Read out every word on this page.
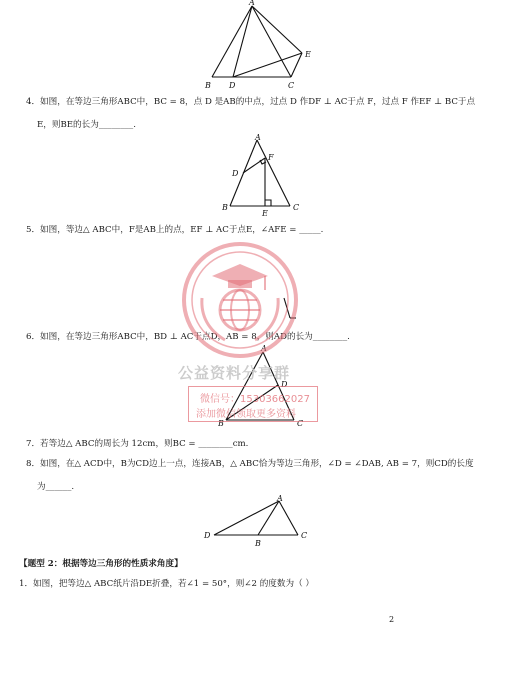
A
B D	C
E
4．如图，在等边三角形ABC中，BC = 8，点 D 是AB的中点，过点 D 作DF ⊥ AC于点 F，过点 F 作EF ⊥ BC于点
E，则BE的长为________.
A
F
D
B
E
C
5．如图，等边△ ABC中，F是AB上的点，EF ⊥ AC于点E，∠AFE = _____.
6．如图，在等边三角形ABC中，BD ⊥ AC于点D，AB = 8，则AD的长为________.
A
D
B	C
7．若等边△ ABC的周长为 12cm，则BC = ________cm.
8．如图，在△ ACD中，B为CD边上一点，连接AB，△ ABC恰为等边三角形，∠D = ∠DAB, AB = 7，则CD的长度
为______.
A
D
B
C
【题型 2：根据等边三角形的性质求角度】
1．如图，把等边△ ABC纸片沿DE折叠，若∠1 = 50°，则∠2 的度数为（ ）
2
公益资料分享群
微信号：15303662027
添加微信领取更多资料
